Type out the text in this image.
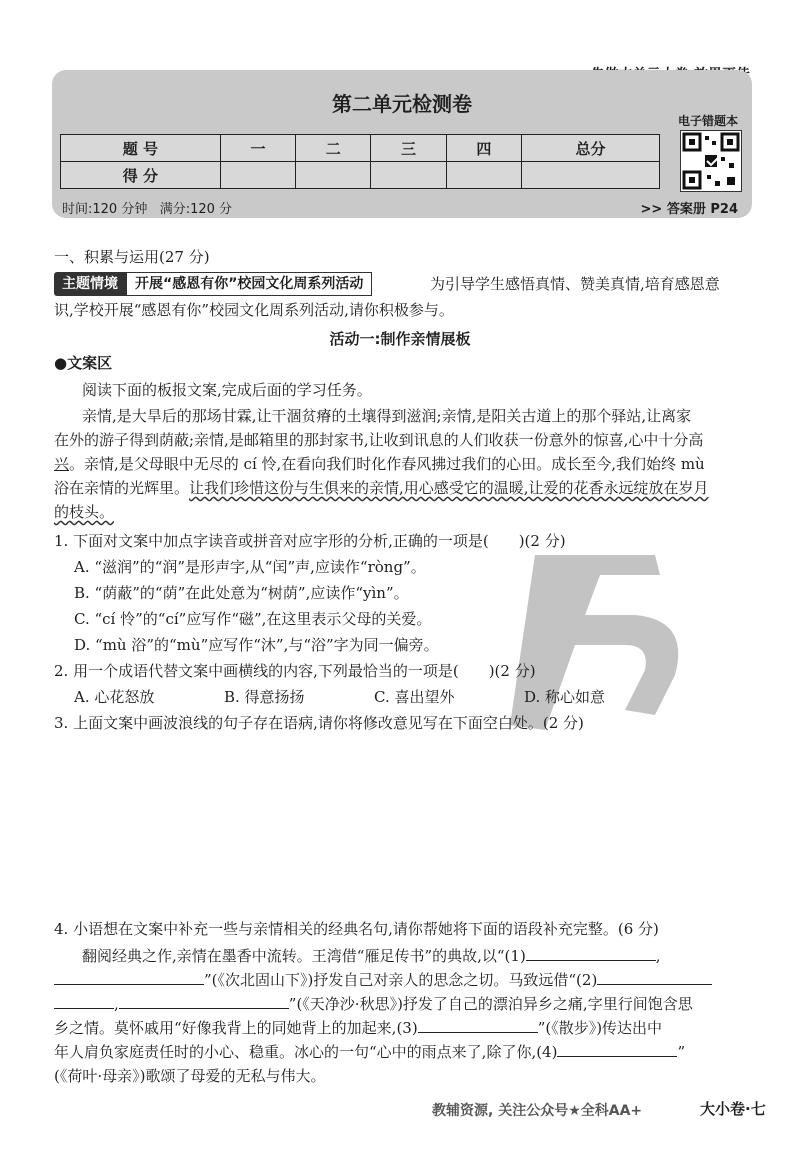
第二单元检测卷
题 号	一	二	三	四	总分
得 分					
时间:120 分钟 满分:120 分	>> 答案册 P24
电子错题本
一、积累与运用(27 分)
主题情境	开展“感恩有你”校园文化周系列活动	为引导学生感悟真情、赞美真情,培育感恩意

识,学校开展“感恩有你”校园文化周系列活动,请你积极参与。

活动一:制作亲情展板
●文案区

阅读下面的板报文案,完成后面的学习任务。

亲情,是大旱后的那场甘霖,让干涸贫瘠的土壤得到滋润;亲情,是阳关古道上的那个驿站,让离家

在外的游子得到荫蔽;亲情,是邮箱里的那封家书,让收到讯息的人们收获一份意外的惊喜,心中十分高

兴。亲情,是父母眼中无尽的 cí 怜,在看向我们时化作春风拂过我们的心田。成长至今,我们始终 mù

浴在亲情的光辉里。让我们珍惜这份与生俱来的亲情,用心感受它的温暖,让爱的花香永远绽放在岁月

的枝头。

1. 下面对文案中加点字读音或拼音对应字形的分析,正确的一项是(　　)(2 分)
A. “滋润”的“润”是形声字,从“闰”声,应读作“ròng”。
B. “荫蔽”的“荫”在此处意为“树荫”,应读作“yìn”。
C. “cí 怜”的“cí”应写作“磁”,在这里表示父母的关爱。
D. “mù 浴”的“mù”应写作“沐”,与“浴”字为同一偏旁。
2. 用一个成语代替文案中画横线的内容,下列最恰当的一项是(　　)(2 分)
A. 心花怒放	B. 得意扬扬	C. 喜出望外	D. 称心如意
3. 上面文案中画波浪线的句子存在语病,请你将修改意见写在下面空白处。(2 分)
4. 小语想在文案中补充一些与亲情相关的经典名句,请你帮她将下面的语段补充完整。(6 分)

翻阅经典之作,亲情在墨香中流转。王湾借“雁足传书”的典故,以“(1)	,

”(《次北固山下》)抒发自己对亲人的思念之切。马致远借“(2)

,	”(《天净沙·秋思》)抒发了自己的漂泊异乡之痛,字里行间饱含思

乡之情。莫怀戚用“好像我背上的同她背上的加起来,(3)	”(《散步》)传达出中

年人肩负家庭责任时的小心、稳重。冰心的一句“心中的雨点来了,除了你,(4)	”

(《荷叶·母亲》)歌颂了母爱的无私与伟大。

教辅资源, 关注公众号★全科AA+	大小卷·七
